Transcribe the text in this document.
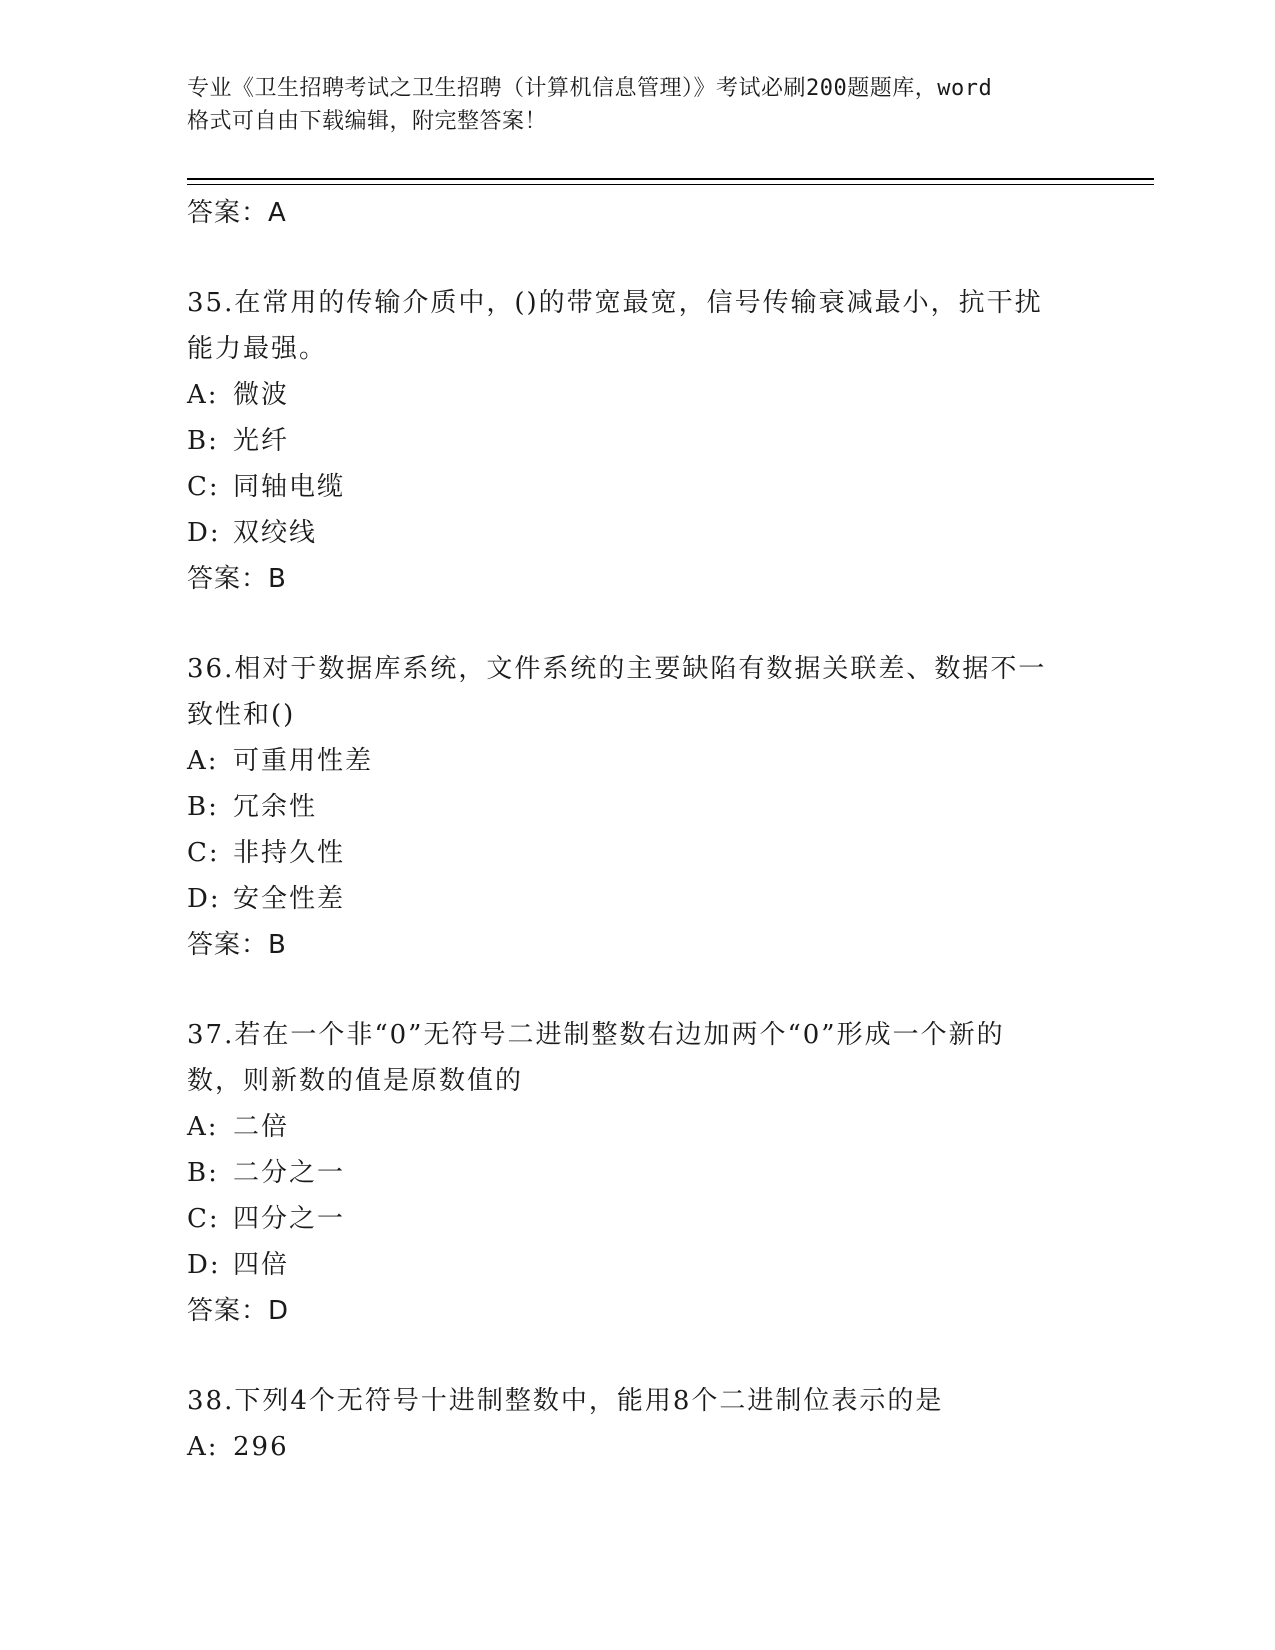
专业《卫生招聘考试之卫生招聘（计算机信息管理）》考试必刷200题题库，word
格式可自由下载编辑，附完整答案！
答案：A
35.在常用的传输介质中，()的带宽最宽，信号传输衰减最小，抗干扰
能力最强。
A: 微波
B: 光纤
C: 同轴电缆
D: 双绞线
答案：B
36.相对于数据库系统，文件系统的主要缺陷有数据关联差、数据不一
致性和()
A: 可重用性差
B: 冗余性
C: 非持久性
D: 安全性差
答案：B
37.若在一个非“0”无符号二进制整数右边加两个“0”形成一个新的
数，则新数的值是原数值的
A: 二倍
B: 二分之一
C: 四分之一
D: 四倍
答案：D
38.下列4个无符号十进制整数中，能用8个二进制位表示的是
A: 296
